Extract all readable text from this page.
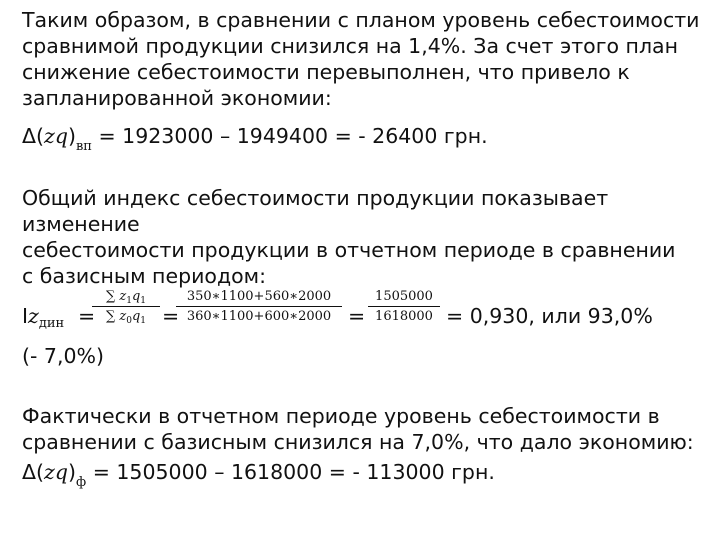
Таким образом, в сравнении с планом уровень себестоимости
сравнимой продукции снизился на 1,4%. За счет этого план
снижение себестоимости перевыполнен, что привело к
запланированной экономии:
$\Delta(zq)_{вп} = 1923000 - 1949400$ = - 26400 грн.
Общий индекс себестоимости продукции показывает
изменение
себестоимости продукции в отчетном периоде в сравнении
с базисным периодом:
Izдин =
∑ $z_1q_1$
∑ $z_0q_1$ =
350∗1100+560∗2000
360∗1100+600∗2000 =
1505000
1618000 = 0,930, или 93,0%
(- 7,0%)
Фактически в отчетном периоде уровень себестоимости в
сравнении с базисным снизился на 7,0%, что дало экономию:
$\Delta(zq)_ф = 1505000 - 1618000$ = - 113000 грн.
